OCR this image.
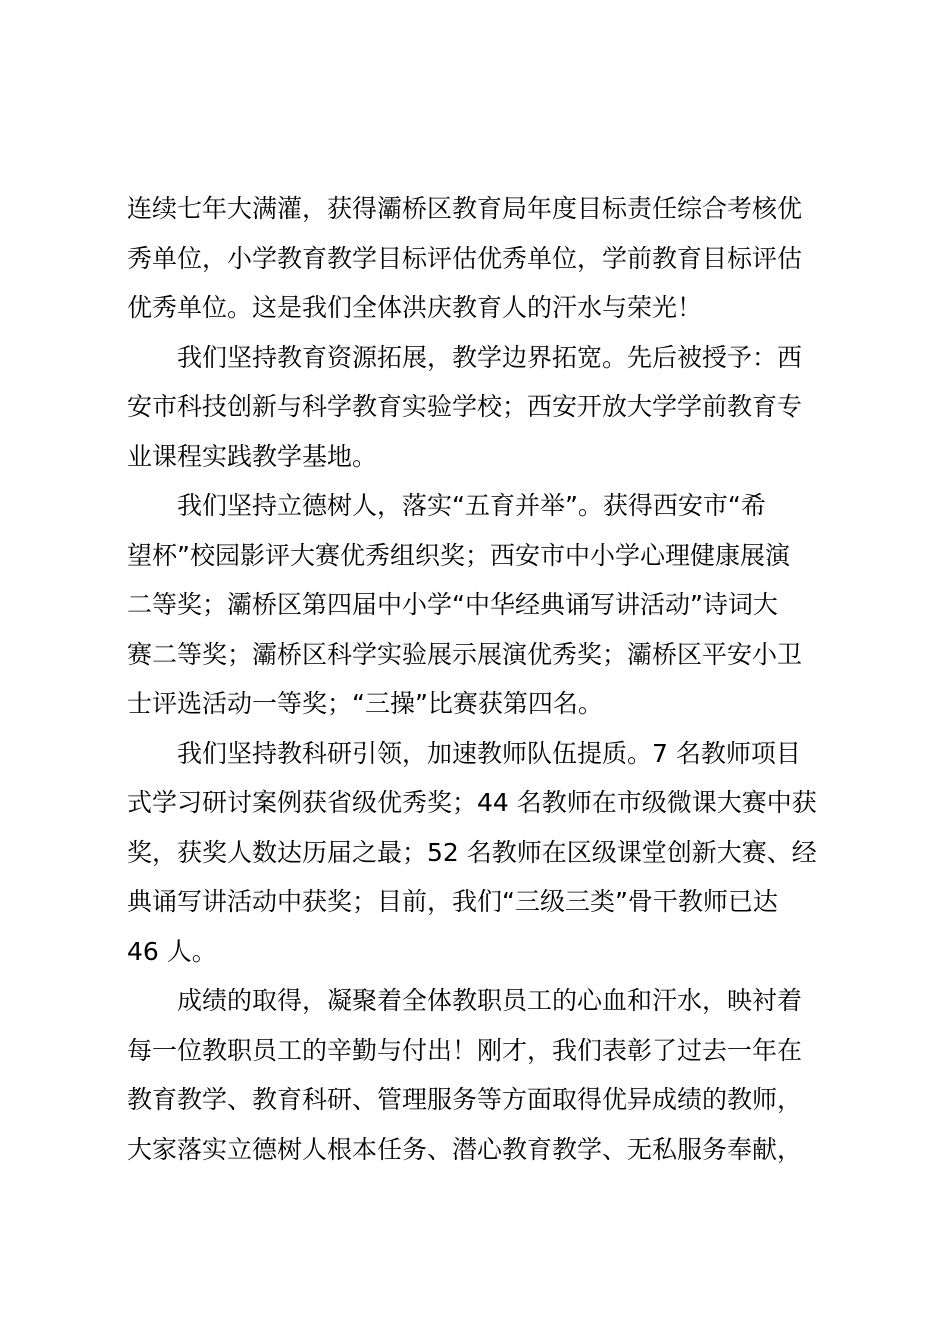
连续七年大满灌，获得灞桥区教育局年度目标责任综合考核优
秀单位，小学教育教学目标评估优秀单位，学前教育目标评估
优秀单位。这是我们全体洪庆教育人的汗水与荣光！
我们坚持教育资源拓展，教学边界拓宽。先后被授予：西
安市科技创新与科学教育实验学校；西安开放大学学前教育专
业课程实践教学基地。
我们坚持立德树人，落实“五育并举”。获得西安市“希
望杯”校园影评大赛优秀组织奖；西安市中小学心理健康展演
二等奖；灞桥区第四届中小学“中华经典诵写讲活动”诗词大
赛二等奖；灞桥区科学实验展示展演优秀奖；灞桥区平安小卫
士评选活动一等奖；“三操”比赛获第四名。
我们坚持教科研引领，加速教师队伍提质。7 名教师项目
式学习研讨案例获省级优秀奖；44 名教师在市级微课大赛中获
奖，获奖人数达历届之最；52 名教师在区级课堂创新大赛、经
典诵写讲活动中获奖；目前，我们“三级三类”骨干教师已达
46 人。
成绩的取得，凝聚着全体教职员工的心血和汗水，映衬着
每一位教职员工的辛勤与付出！刚才，我们表彰了过去一年在
教育教学、教育科研、管理服务等方面取得优异成绩的教师，
大家落实立德树人根本任务、潜心教育教学、无私服务奉献，
